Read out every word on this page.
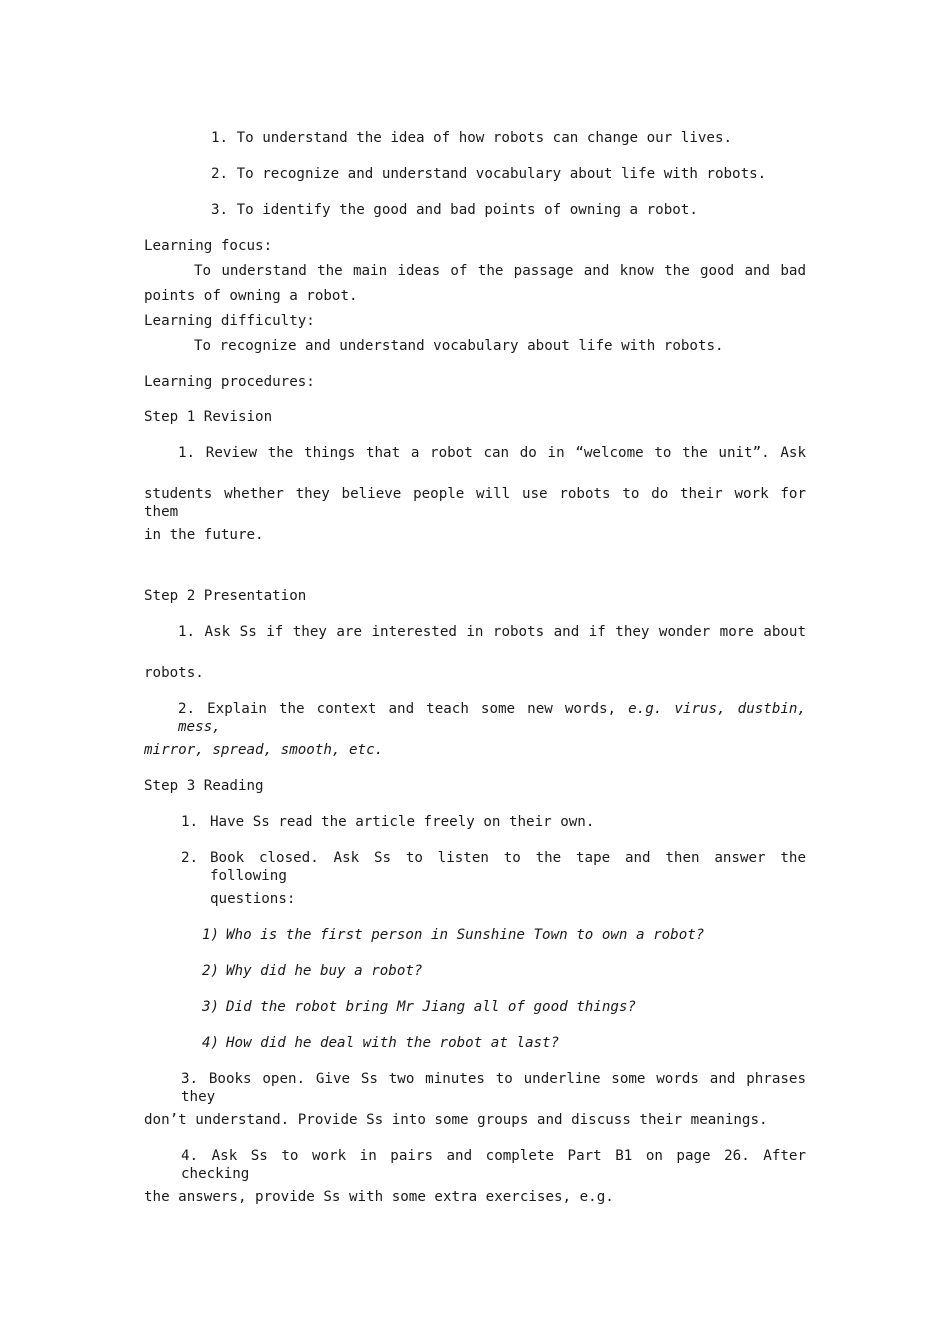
1. To understand the idea of how robots can change our lives.
2. To recognize and understand vocabulary about life with robots.
3. To identify the good and bad points of owning a robot.
Learning focus:
To understand the main ideas of the passage and know the good and bad
points of owning a robot.
Learning difficulty:
To recognize and understand vocabulary about life with robots.
Learning procedures:
Step 1 Revision
1. Review the things that a robot can do in “welcome to the unit”. Ask
students whether they believe people will use robots to do their work for them
in the future.
Step 2 Presentation
1. Ask Ss if they are interested in robots and if they wonder more about
robots.
2. Explain the context and teach some new words, e.g. virus, dustbin, mess,
mirror, spread, smooth, etc.
Step 3 Reading
1. Have Ss read the article freely on their own.
2. Book closed. Ask Ss to listen to the tape and then answer the following
questions:
1) Who is the first person in Sunshine Town to own a robot?
2) Why did he buy a robot?
3) Did the robot bring Mr Jiang all of good things?
4) How did he deal with the robot at last?
3. Books open. Give Ss two minutes to underline some words and phrases they
don’t understand. Provide Ss into some groups and discuss their meanings.
4. Ask Ss to work in pairs and complete Part B1 on page 26. After checking
the answers, provide Ss with some extra exercises, e.g.
